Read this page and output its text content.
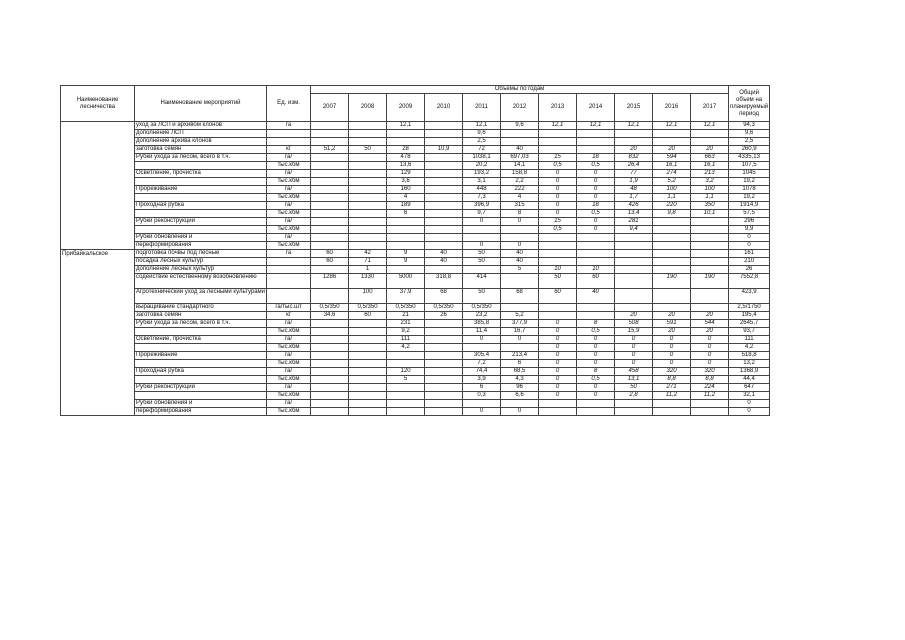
Наименование лесничества	Наименование мероприятий	Ед. изм.	Объемы по годам											Общий объем на планируемый период
			2007	2008	2009	2010	2011	2012	2013	2014	2015	2016	2017	
	уход за ЛСП и архивом клонов	га			12,1		12,1	9,6	12,1	12,1	12,1	12,1	12,1	94,3
	дополнение ЛСП						9,6							9,6
	дополнение архива клонов						2,5							2,5
	заготовка семян	кг	51,2	50	28	10,9	72	40			20	20	20	260,9
	Рубки ухода за лесом, всего в т.ч.	га/			478		1038,1	697,03	15	18	832	594	663	4335,13
		тыс.кбм			13,6		20,2	14,1	0,5	0,5	26,4	16,1	16,1	107,5
	Осветление, прочистка	га/			129		193,2	158,8	0	0	77	274	213	1045
		тыс.кбм			3,6		3,1	2,2	0	0	1,9	5,2	3,2	19,2
	Прореживание	га/			160		448	222	0	0	48	100	100	1078
		тыс.кбм			4		7,3	4	0	0	1,7	1,1	1,1	19,2
	Проходная рубка	га/			189		396,9	315	0	18	426	220	350	1914,9
		тыс.кбм			6		9,7	8	0	0,5	13,4	9,8	10,1	57,5
	Рубки реконструкции	га/					0	0	15	0	281			296
		тыс.кбм							0,5	0	9,4			9,9
	Рубки обновления и	га/												0
	переформирования	тыс.кбм					0	0						0
Прибайкальское	подготовка почвы под лесные	га	60	42	9	40	50	40						161
	посадка лесных культур		60	71	9	40	50	40						210
	дополнение лесных культур			1				5	10	10				26
	содействие естественному возобновлению		1286	1330	5000	318,8	414		50	60		190	190	7552,8
	Агротехнический уход за лесными культурами			100	37,9	68	50	68	60	40				423,9
	выращивание стандартного	га/тыс.шт	0,5/350	0,5/350	0,5/350	0,5/350	0,5/350							2,5/1750
	заготовка семян	кг	34,6	60	21	26	23,2	5,2			20	20	20	195,4
	Рубки ухода за лесом, всего в т.ч.	га/			231		385,8	377,9	0	8	508	591	544	2645,7
		тыс.кбм			9,2		11,4	16,7	0	0,5	15,9	20	20	93,7
	Осветление, прочистка	га/			111		0	0	0	0	0	0	0	111
		тыс.кбм			4,2				0	0	0	0	0	4,2
	Прореживание	га/					305,4	213,4	0	0	0	0	0	518,8
		тыс.кбм					7,2	6	0	0	0	0	0	13,2
	Проходная рубка	га/			120		74,4	68,5	0	8	458	320	320	1368,9
		тыс.кбм			5		3,9	4,3	0	0,5	13,1	8,8	8,8	44,4
	Рубки реконструкции	га/					6	96	0	0	50	271	224	647
		тыс.кбм					0,3	6,6	0	0	2,8	11,2	11,2	32,1
	Рубки обновления и	га/												0
	переформирования	тыс.кбм					0	0						0
